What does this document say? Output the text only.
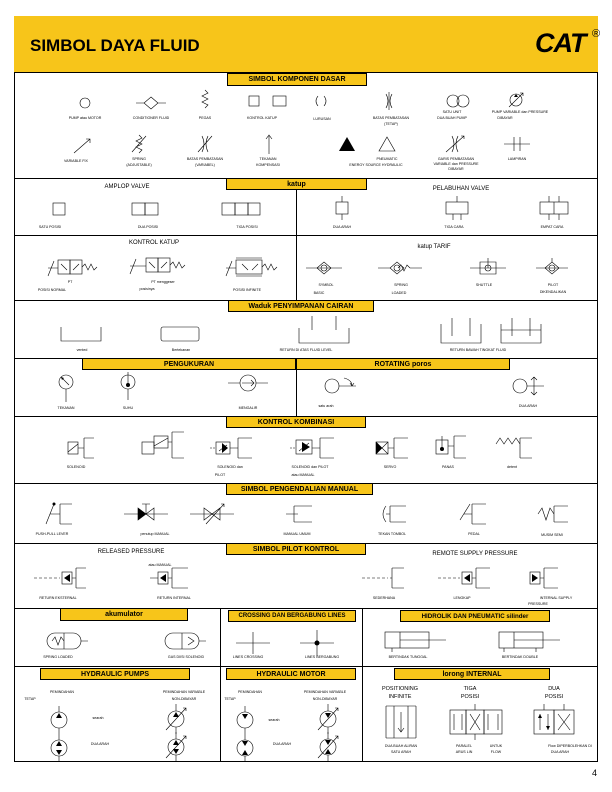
SIMBOL DAYA FLUID	CAT ®
SIMBOL KOMPONEN DASAR
katup
Waduk PENYIMPANAN CAIRAN
PENGUKURAN	ROTATING poros
KONTROL KOMBINASI
SIMBOL PENGENDALIAN MANUAL
SIMBOL PILOT KONTROL
akumulator	CROSSING DAN BERGABUNG LINES	HIDROLIK DAN PNEUMATIC silinder
HYDRAULIC PUMPS	HYDRAULIC MOTOR	lorong INTERNAL
PUMP atau MOTOR	CONDITIONER FLUID	PEGAS	KONTROL KATUP	LURUSAN	BATAS PEMBATASAN
(TETAP)
DUA BUAH PUMP
SATU UNIT	PUMP VARIABLE dan PRESSURE
DIBAYAR
VARIABLE FIX	SPRING
(ADJUSTABLE)
BATAS PEMBATASAN
(VARIABEL)
TEKANAN
KOMPENSASI	ENERGY SOURCE HYDRAULIC
PNEUMATIC	GARIS PEMBATASAN
VARIABLE dan PRESSURE
DIBAYAR
LAMPIRAN
AMPLOP VALVE	PELABUHAN VALVE
SATU POSISI	DUA POSISI	TIGA POSISI	DUA ARAH	TIGA CARA	EMPAT CARA
KONTROL KATUP
PT
POSISI NORMAL
PT menggeser
posisinya	POSISI INFINITE
katup TARIF
SYMBOL
BASIC
SPRING
LOADED
SHUTTLE	PILOT
DIKENDALIKAN
vented	Bertekanan	RETURN DI ATAS FLUID LEVEL	RETURN BAWAH TINGKAT FLUID
TEKANAN	SUHU	MENGALIR	satu arah	DUA ARAH
SOLENOID	SOLENOID dan
PILOT
SOLENOID dan PILOT
atau MANUAL
SERVO	PANAS	detent
PUSH-PULL LEVER	penutup MANUAL	MANUAL UMUM	TEKAN TOMBOL	PEDAL	MUSIM SEMI
RELEASED PRESSURE
atau MANUAL
RETURN EKSTERNAL	RETURN INTERNAL
REMOTE SUPPLY PRESSURE
SEDERHANA	LENGKAP	INTERNAL SUPPLY
PRESSURE
SPRING LOADED	GAS DIISI SOLENOID	LINES CROSSING	LINES BERGABUNG	BERTINDAK TUNGGAL	BERTINDAK DOUBLE
PEMINDAHAN
TETAP
PEMINDAHAN VARIABLE
NON-DIBAYAR
searah
DUA ARAH
PEMINDAHAN
TETAP
PEMINDAHAN VARIABLE
NON-DIBAYAR
searah
DUA ARAH
POSITIONING
INFINITE
TIGA
POSISI
DUA
POSISI
DUA BUAH ALIRAN
SATU ARAH
PARALEL
ARUS LIN
UNTUK
FLOW
Flow DIPERBOLEHKAN DI
DUA ARAH
4
